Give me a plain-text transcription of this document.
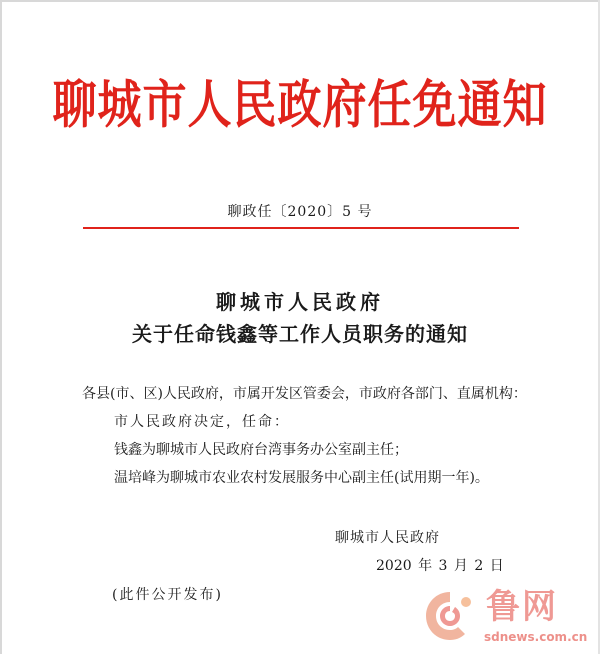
聊城市人民政府任免通知
聊政任〔2020〕5 号
聊城市人民政府
关于任命钱鑫等工作人员职务的通知
各县(市、区)人民政府，市属开发区管委会，市政府各部门、直属机构：
市人民政府决定，任命：
钱鑫为聊城市人民政府台湾事务办公室副主任；
温培峰为聊城市农业农村发展服务中心副主任(试用期一年)。
聊城市人民政府
2020 年 3 月 2 日
(此件公开发布)	鲁网
sdnews.com.cn
